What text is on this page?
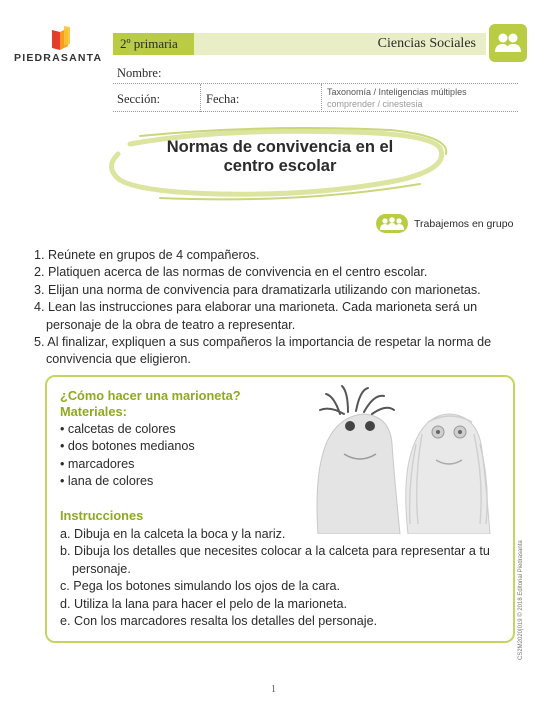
PIEDRASANTA
2º primaria	Ciencias Sociales
Nombre:
Sección:	Fecha:	Taxonomía / Inteligencias múltiples
comprender / cinestesia
Normas de convivencia en el
centro escolar
Trabajemos en grupo
1. Reúnete en grupos de 4 compañeros.
2. Platiquen acerca de las normas de convivencia en el centro escolar.
3. Elijan una norma de convivencia para dramatizarla utilizando con marionetas.
4. Lean las instrucciones para elaborar una marioneta. Cada marioneta será un personaje de la obra de teatro a representar.
5. Al finalizar, expliquen a sus compañeros la importancia de respetar la norma de convivencia que eligieron.
¿Cómo hacer una marioneta?
Materiales:
• calcetas de colores
• dos botones medianos
• marcadores
• lana de colores
Instrucciones
a. Dibuja en la calceta la boca y la nariz.
b. Dibuja los detalles que necesites colocar a la calceta para representar a tu personaje.
c. Pega los botones simulando los ojos de la cara.
d. Utiliza la lana para hacer el pelo de la marioneta.
e. Con los marcadores resalta los detalles del personaje.	CS2M2020|019 © 2018 Editorial Piedrasanta
1
